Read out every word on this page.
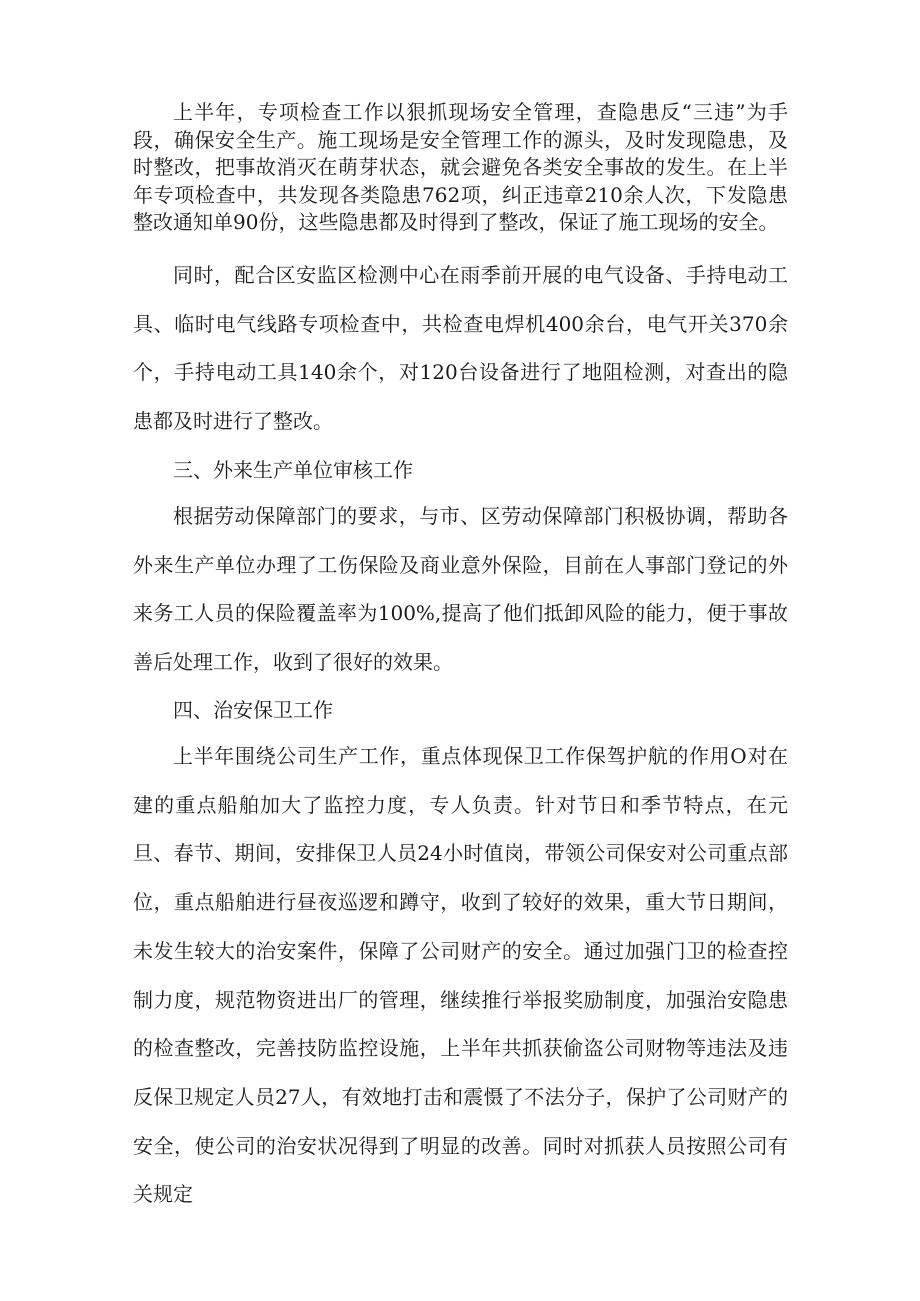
上半年，专项检查工作以狠抓现场安全管理，查隐患反“三违”为手段，确保安全生产。施工现场是安全管理工作的源头，及时发现隐患，及时整改，把事故消灭在萌芽状态，就会避免各类安全事故的发生。在上半年专项检查中，共发现各类隐患762项，纠正违章210余人次，下发隐患整改通知单90份，这些隐患都及时得到了整改，保证了施工现场的安全。

同时，配合区安监区检测中心在雨季前开展的电气设备、手持电动工具、临时电气线路专项检查中，共检查电焊机400余台，电气开关370余个，手持电动工具140余个，对120台设备进行了地阻检测，对查出的隐患都及时进行了整改。

三、外来生产单位审核工作

根据劳动保障部门的要求，与市、区劳动保障部门积极协调，帮助各外来生产单位办理了工伤保险及商业意外保险，目前在人事部门登记的外来务工人员的保险覆盖率为100%,提高了他们抵卸风险的能力，便于事故善后处理工作，收到了很好的效果。

四、治安保卫工作

上半年围绕公司生产工作，重点体现保卫工作保驾护航的作用O对在建的重点船舶加大了监控力度，专人负责。针对节日和季节特点，在元旦、春节、期间，安排保卫人员24小时值岗，带领公司保安对公司重点部位，重点船舶进行昼夜巡逻和蹲守，收到了较好的效果，重大节日期间，未发生较大的治安案件，保障了公司财产的安全。通过加强门卫的检查控制力度，规范物资进出厂的管理，继续推行举报奖励制度，加强治安隐患的检查整改，完善技防监控设施，上半年共抓获偷盗公司财物等违法及违反保卫规定人员27人，有效地打击和震慑了不法分子，保护了公司财产的安全，使公司的治安状况得到了明显的改善。同时对抓获人员按照公司有关规定
